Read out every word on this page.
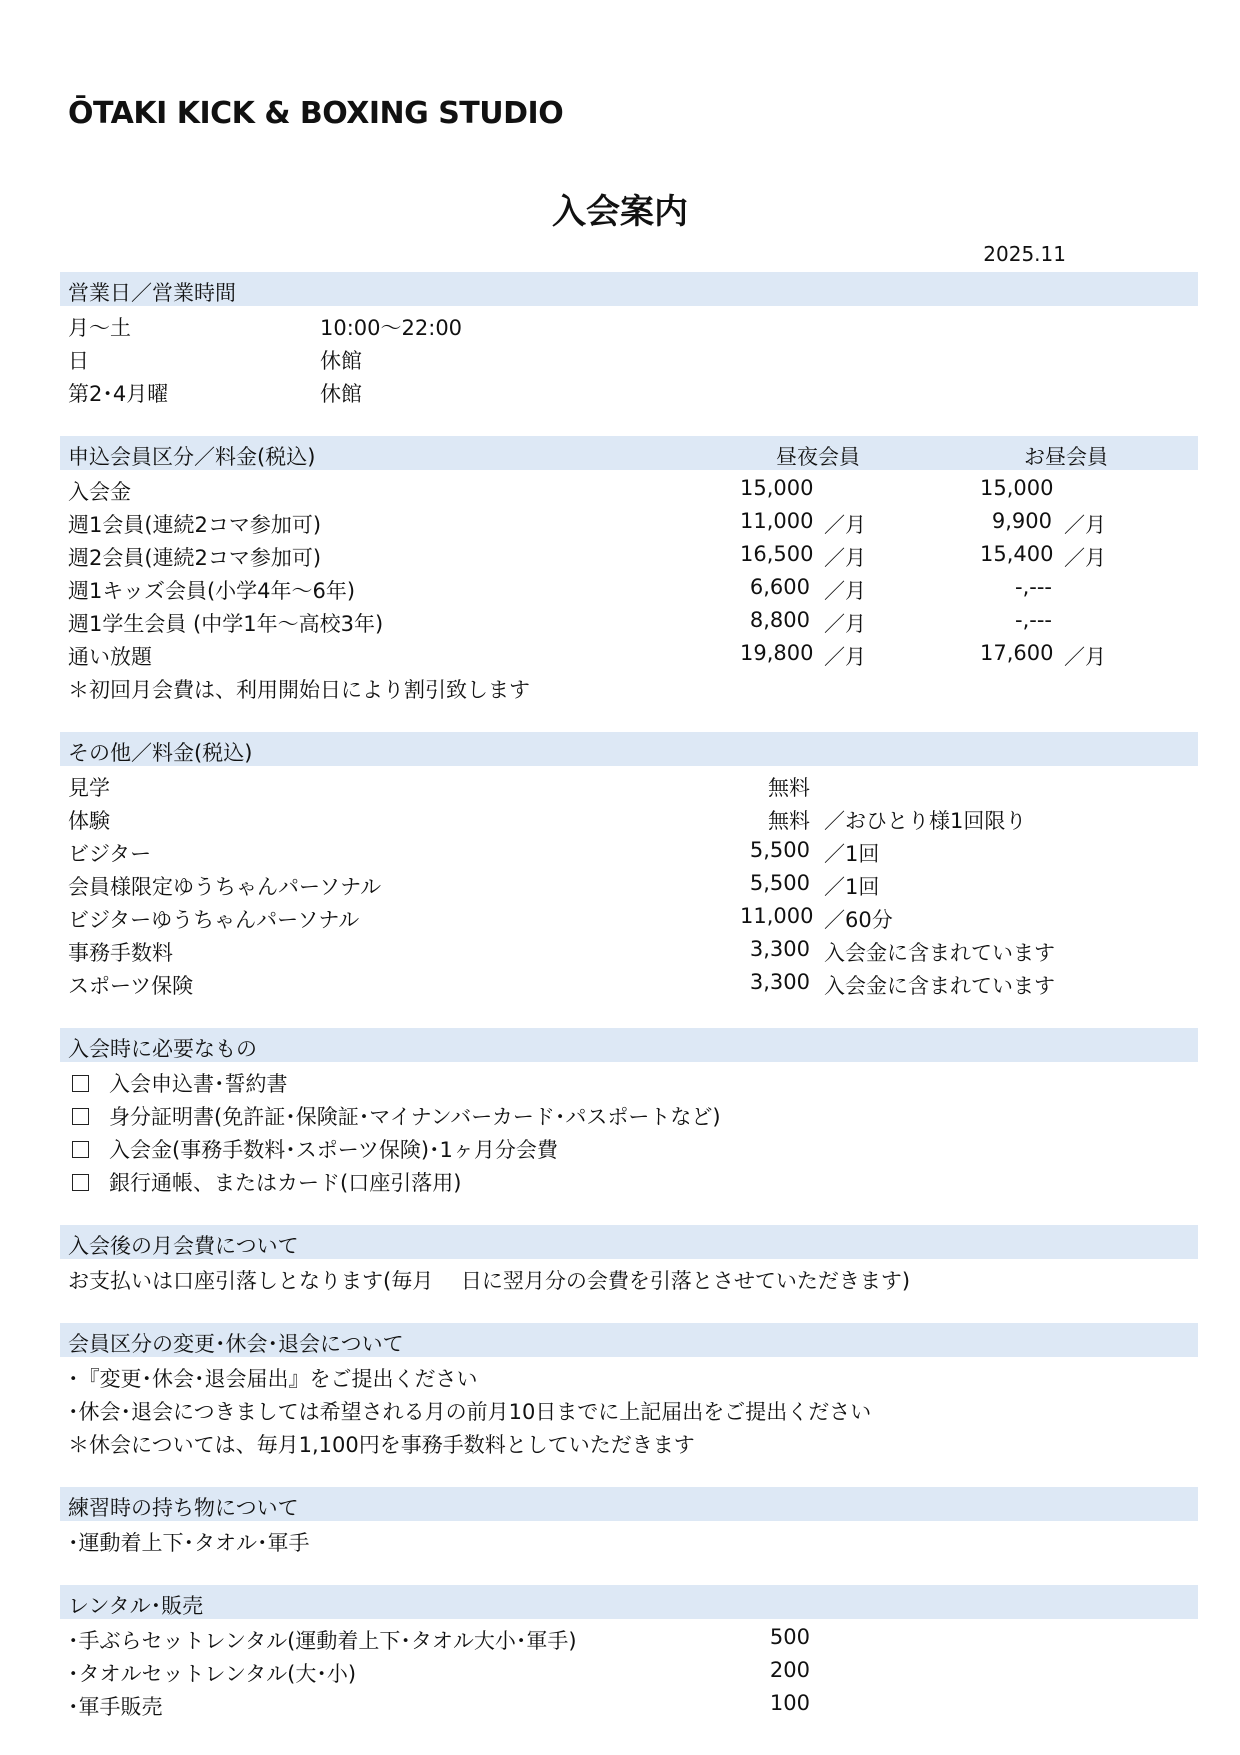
ŌTAKI KICK & BOXING STUDIO
入会案内
2025.11
営業日／営業時間
月～土	10:00～22:00
日	休館
第2･4月曜	休館
申込会員区分／料金(税込)	昼夜会員	お昼会員
入会金	15,000	15,000
週1会員(連続2コマ参加可)	11,000 ／月	9,900 ／月
週2会員(連続2コマ参加可)	16,500 ／月	15,400 ／月
週1キッズ会員(小学4年～6年)	6,600 ／月	-,---
週1学生会員 (中学1年～高校3年)	8,800 ／月	-,---
通い放題	19,800 ／月	17,600 ／月
＊初回月会費は、利用開始日により割引致します
その他／料金(税込)
見学	無料
体験	無料 ／おひとり様1回限り
ビジター	5,500 ／1回
会員様限定ゆうちゃんパーソナル	5,500 ／1回
ビジターゆうちゃんパーソナル	11,000 ／60分
事務手数料	3,300 入会金に含まれています
スポーツ保険	3,300 入会金に含まれています
入会時に必要なもの
入会申込書･誓約書
身分証明書(免許証･保険証･マイナンバーカード･パスポートなど)
入会金(事務手数料･スポーツ保険)･1ヶ月分会費
銀行通帳、またはカード(口座引落用)
入会後の月会費について
お支払いは口座引落しとなります(毎月　 日に翌月分の会費を引落とさせていただきます)
会員区分の変更･休会･退会について
･『変更･休会･退会届出』をご提出ください
･休会･退会につきましては希望される月の前月10日までに上記届出をご提出ください
＊休会については、毎月1,100円を事務手数料としていただきます
練習時の持ち物について
･運動着上下･タオル･軍手
レンタル･販売
･手ぶらセットレンタル(運動着上下･タオル大小･軍手)	500
･タオルセットレンタル(大･小)	200
･軍手販売	100
